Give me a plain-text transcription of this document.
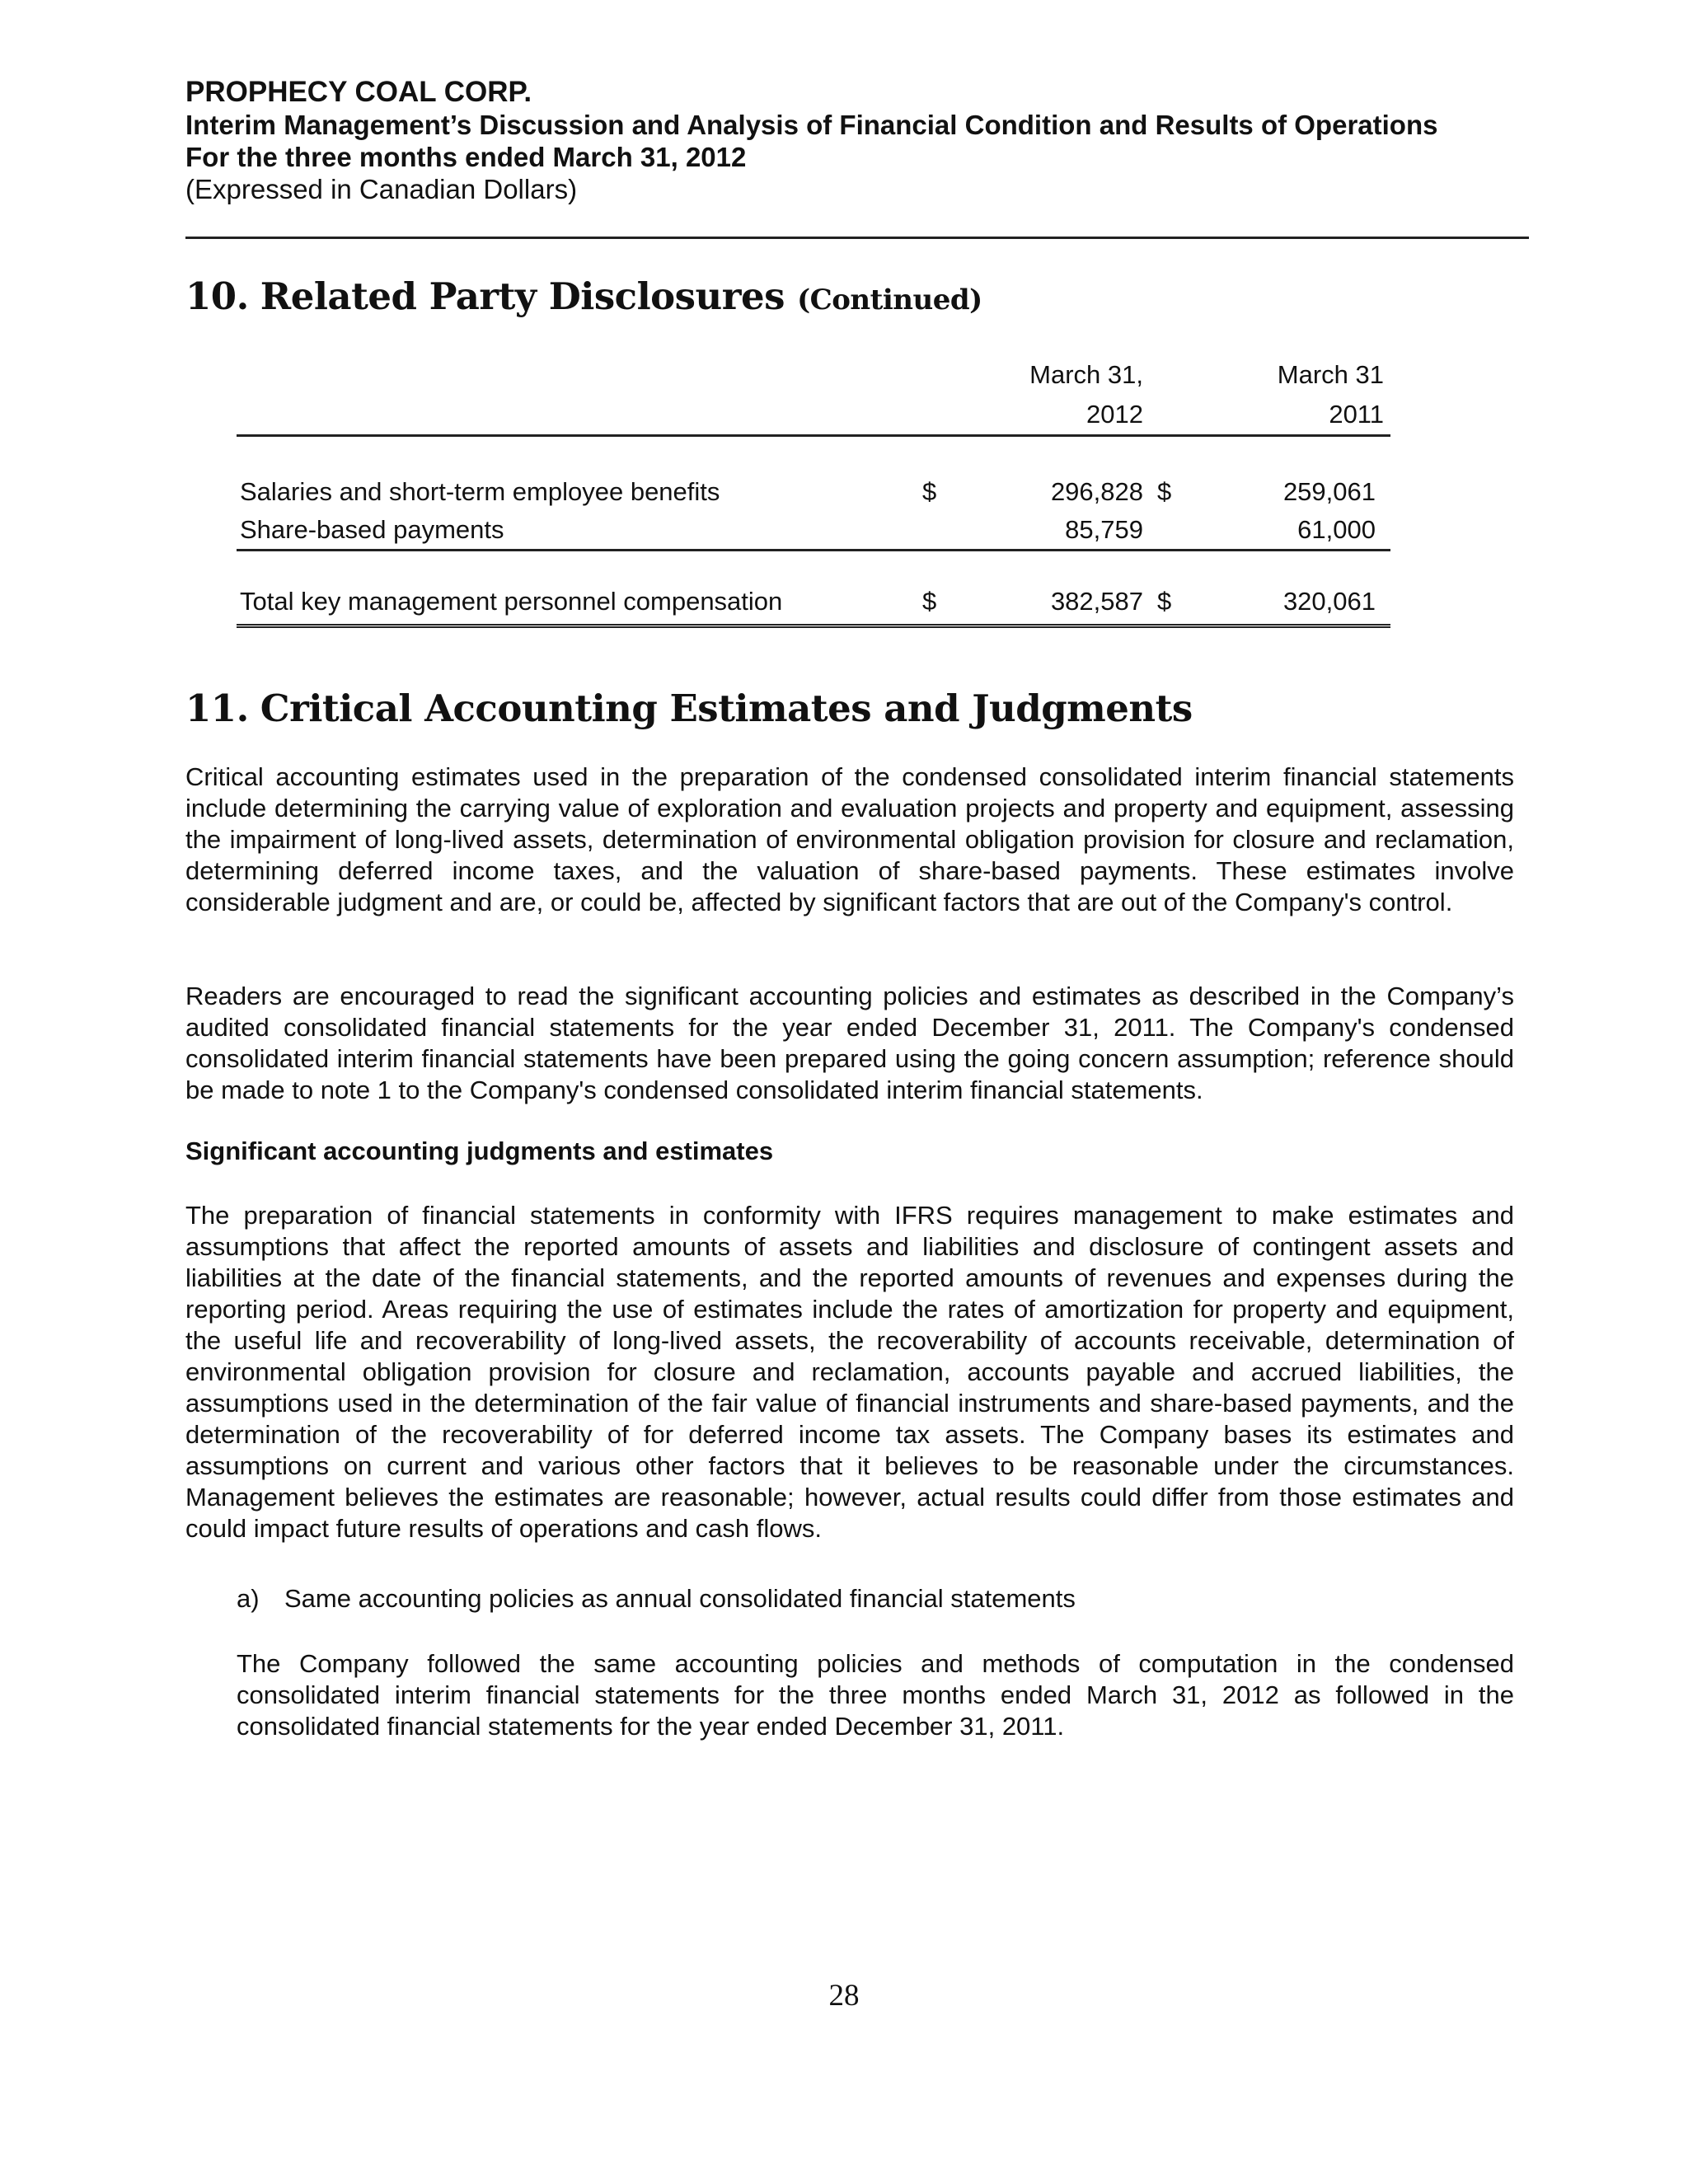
PROPHECY COAL CORP.
Interim Management’s Discussion and Analysis of Financial Condition and Results of Operations
For the three months ended March 31, 2012
(Expressed in Canadian Dollars)
10. Related Party Disclosures (Continued)
March 31,
2012
March 31
2011
Salaries and short-term employee benefits	$	296,828 $	259,061
Share-based payments	85,759	61,000
Total key management personnel compensation	$	382,587 $	320,061
11. Critical Accounting Estimates and Judgments
Critical accounting estimates used in the preparation of the condensed consolidated interim financial statements include determining the carrying value of exploration and evaluation projects and property and equipment, assessing the impairment of long-lived assets, determination of environmental obligation provision for closure and reclamation, determining deferred income taxes, and the valuation of share-based payments. These estimates involve considerable judgment and are, or could be, affected by significant factors that are out of the Company's control.
Readers are encouraged to read the significant accounting policies and estimates as described in the Company’s audited consolidated financial statements for the year ended December 31, 2011. The Company's condensed consolidated interim financial statements have been prepared using the going concern assumption; reference should be made to note 1 to the Company's condensed consolidated interim financial statements.
Significant accounting judgments and estimates
The preparation of financial statements in conformity with IFRS requires management to make estimates and assumptions that affect the reported amounts of assets and liabilities and disclosure of contingent assets and liabilities at the date of the financial statements, and the reported amounts of revenues and expenses during the reporting period. Areas requiring the use of estimates include the rates of amortization for property and equipment, the useful life and recoverability of long-lived assets, the recoverability of accounts receivable, determination of environmental obligation provision for closure and reclamation, accounts payable and accrued liabilities, the assumptions used in the determination of the fair value of financial instruments and share-based payments, and the determination of the recoverability of for deferred income tax assets. The Company bases its estimates and assumptions on current and various other factors that it believes to be reasonable under the circumstances. Management believes the estimates are reasonable; however, actual results could differ from those estimates and could impact future results of operations and cash flows.
a) Same accounting policies as annual consolidated financial statements
The Company followed the same accounting policies and methods of computation in the condensed consolidated interim financial statements for the three months ended March 31, 2012 as followed in the consolidated financial statements for the year ended December 31, 2011.
28
